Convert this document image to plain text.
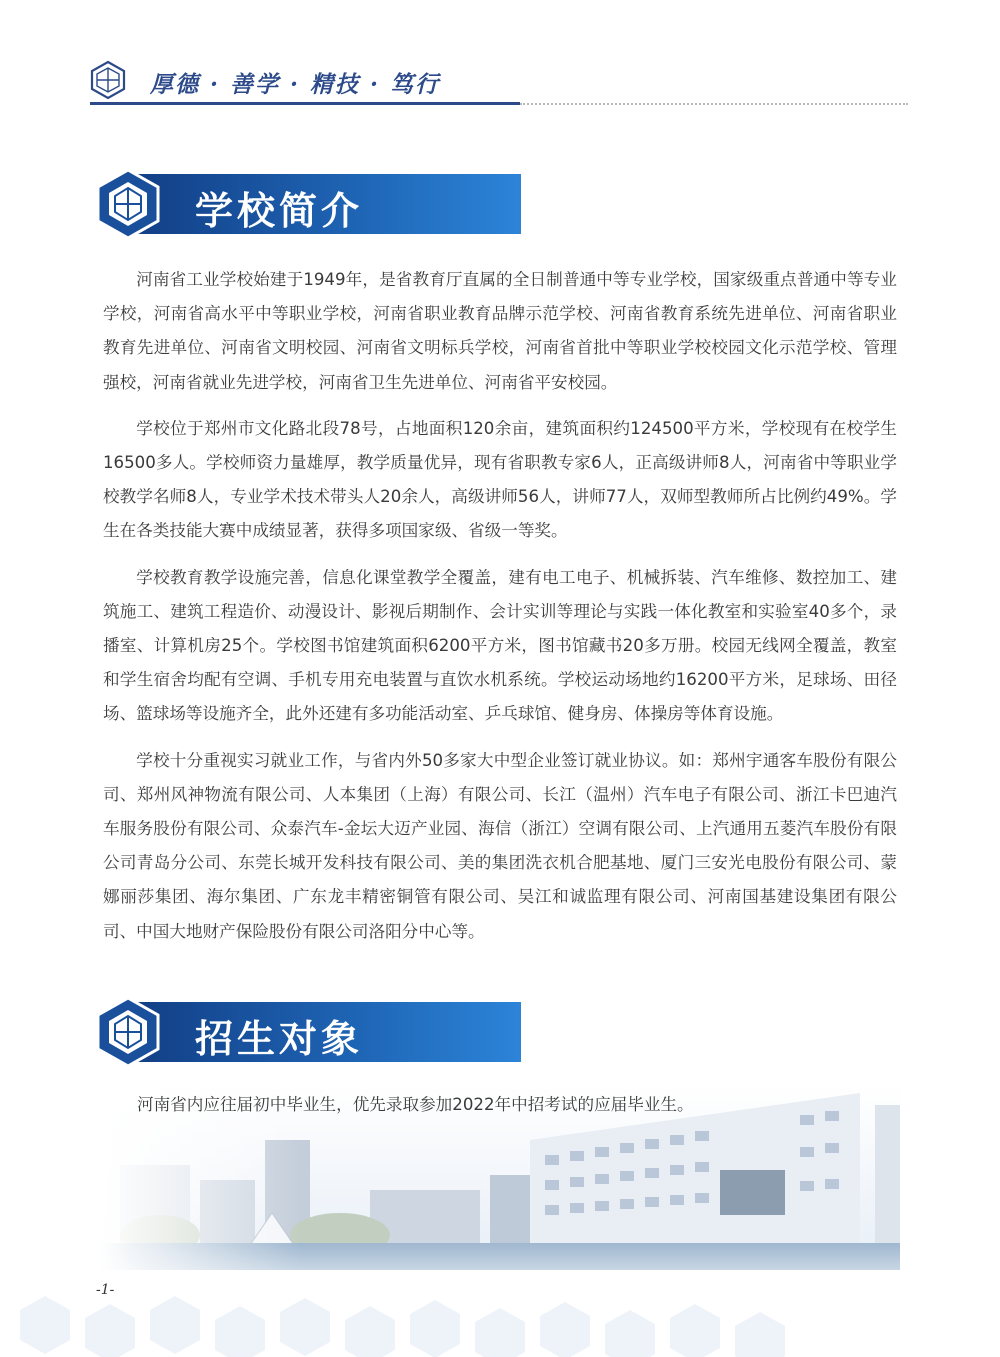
厚德 · 善学 · 精技 · 笃行
学校简介

河南省工业学校始建于1949年，是省教育厅直属的全日制普通中等专业学校，国家级重点普通中等专业学校，河南省高水平中等职业学校，河南省职业教育品牌示范学校、河南省教育系统先进单位、河南省职业教育先进单位、河南省文明校园、河南省文明标兵学校，河南省首批中等职业学校校园文化示范学校、管理强校，河南省就业先进学校，河南省卫生先进单位、河南省平安校园。

学校位于郑州市文化路北段78号，占地面积120余亩，建筑面积约124500平方米，学校现有在校学生16500多人。学校师资力量雄厚，教学质量优异，现有省职教专家6人，正高级讲师8人，河南省中等职业学校教学名师8人，专业学术技术带头人20余人，高级讲师56人，讲师77人，双师型教师所占比例约49%。学生在各类技能大赛中成绩显著，获得多项国家级、省级一等奖。

学校教育教学设施完善，信息化课堂教学全覆盖，建有电工电子、机械拆装、汽车维修、数控加工、建筑施工、建筑工程造价、动漫设计、影视后期制作、会计实训等理论与实践一体化教室和实验室40多个，录播室、计算机房25个。学校图书馆建筑面积6200平方米，图书馆藏书20多万册。校园无线网全覆盖，教室和学生宿舍均配有空调、手机专用充电装置与直饮水机系统。学校运动场地约16200平方米，足球场、田径场、篮球场等设施齐全，此外还建有多功能活动室、乒乓球馆、健身房、体操房等体育设施。

学校十分重视实习就业工作，与省内外50多家大中型企业签订就业协议。如：郑州宇通客车股份有限公司、郑州风神物流有限公司、人本集团（上海）有限公司、长江（温州）汽车电子有限公司、浙江卡巴迪汽车服务股份有限公司、众泰汽车-金坛大迈产业园、海信（浙江）空调有限公司、上汽通用五菱汽车股份有限公司青岛分公司、东莞长城开发科技有限公司、美的集团洗衣机合肥基地、厦门三安光电股份有限公司、蒙娜丽莎集团、海尔集团、广东龙丰精密铜管有限公司、吴江和诚监理有限公司、河南国基建设集团有限公司、中国大地财产保险股份有限公司洛阳分中心等。

招生对象
河南省内应往届初中毕业生，优先录取参加2022年中招考试的应届毕业生。
-1-
